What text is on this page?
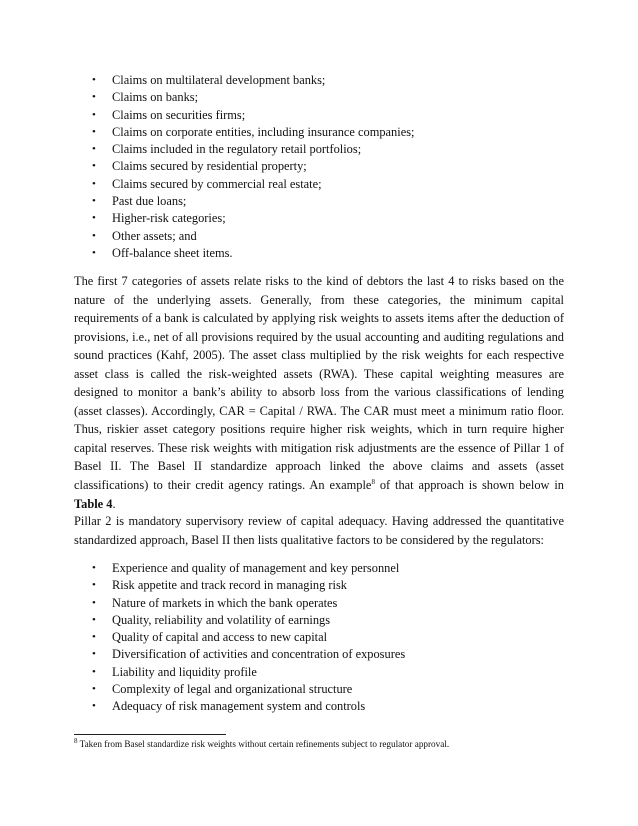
• Claims on multilateral development banks;
• Claims on banks;
• Claims on securities firms;
• Claims on corporate entities, including insurance companies;
• Claims included in the regulatory retail portfolios;
• Claims secured by residential property;
• Claims secured by commercial real estate;
• Past due loans;
• Higher-risk categories;
• Other assets; and
• Off-balance sheet items.

The first 7 categories of assets relate risks to the kind of debtors the last 4 to risks based on the nature of the underlying assets. Generally, from these categories, the minimum capital requirements of a bank is calculated by applying risk weights to assets items after the deduction of provisions, i.e., net of all provisions required by the usual accounting and auditing regulations and sound practices (Kahf, 2005). The asset class multiplied by the risk weights for each respective asset class is called the risk-weighted assets (RWA). These capital weighting measures are designed to monitor a bank’s ability to absorb loss from the various classifications of lending (asset classes). Accordingly, CAR = Capital / RWA. The CAR must meet a minimum ratio floor. Thus, riskier asset category positions require higher risk weights, which in turn require higher capital reserves. These risk weights with mitigation risk adjustments are the essence of Pillar 1 of Basel II. The Basel II standardize approach linked the above claims and assets (asset classifications) to their credit agency ratings. An example$^8$ of that approach is shown below in Table 4.

Pillar 2 is mandatory supervisory review of capital adequacy. Having addressed the quantitative standardized approach, Basel II then lists qualitative factors to be considered by the regulators:

• Experience and quality of management and key personnel
• Risk appetite and track record in managing risk
• Nature of markets in which the bank operates
• Quality, reliability and volatility of earnings
• Quality of capital and access to new capital
• Diversification of activities and concentration of exposures
• Liability and liquidity profile
• Complexity of legal and organizational structure
• Adequacy of risk management system and controls
$^8$ Taken from Basel standardize risk weights without certain refinements subject to regulator approval.
